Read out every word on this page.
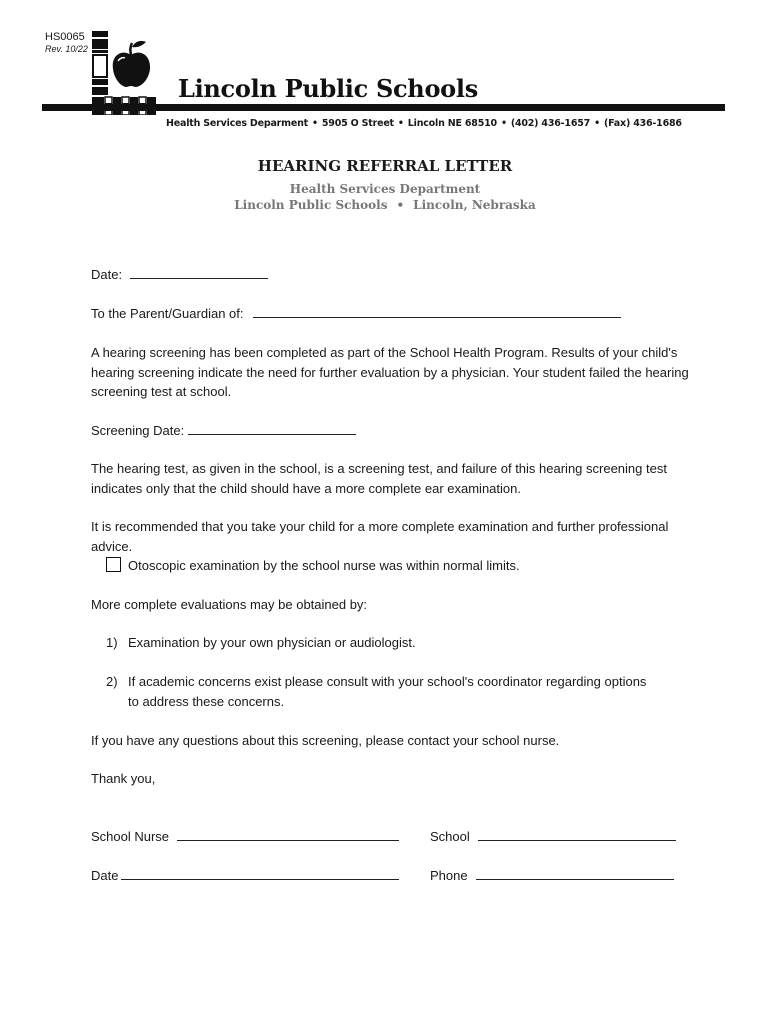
HS0065
Rev. 10/22
Lincoln Public Schools
Health Services Deparment • 5905 O Street • Lincoln NE 68510 • (402) 436-1657 • (Fax) 436-1686
HEARING REFERRAL LETTER
Health Services Department
Lincoln Public Schools • Lincoln, Nebraska
Date:
To the Parent/Guardian of:
A hearing screening has been completed as part of the School Health Program. Results of your child's hearing screening indicate the need for further evaluation by a physician. Your student failed the hearing screening test at school.
Screening Date:
The hearing test, as given in the school, is a screening test, and failure of this hearing screening test indicates only that the child should have a more complete ear examination.
It is recommended that you take your child for a more complete examination and further professional advice.
Otoscopic examination by the school nurse was within normal limits.
More complete evaluations may be obtained by:
1) Examination by your own physician or audiologist.
2) If academic concerns exist please consult with your school's coordinator regarding options to address these concerns.
If you have any questions about this screening, please contact your school nurse.
Thank you,
School Nurse	School
Date	Phone
